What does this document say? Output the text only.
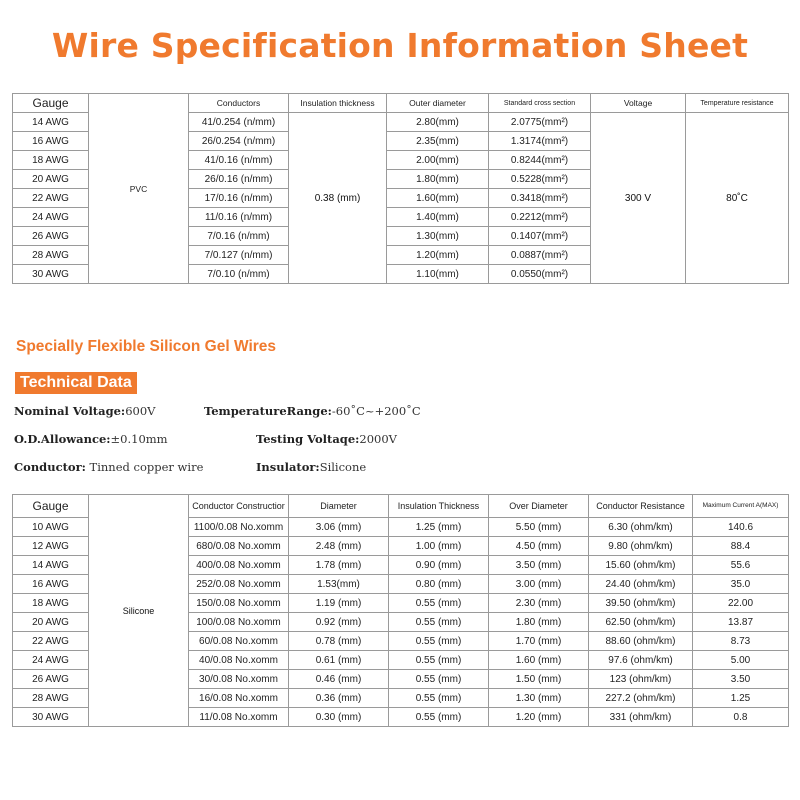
Wire Specification Information Sheet
Gauge	PVC	Conductors	Insulation thickness	Outer diameter	Standard cross section	Voltage	Temperature resistance
14 AWG		41/0.254 (n/mm)	0.38 (mm)	2.80(mm)	2.0775(mm²)	300 V	80˚C
16 AWG		26/0.254 (n/mm)		2.35(mm)	1.3174(mm²)		
18 AWG		41/0.16 (n/mm)		2.00(mm)	0.8244(mm²)		
20 AWG		26/0.16 (n/mm)		1.80(mm)	0.5228(mm²)		
22 AWG		17/0.16 (n/mm)		1.60(mm)	0.3418(mm²)		
24 AWG		11/0.16 (n/mm)		1.40(mm)	0.2212(mm²)		
26 AWG		7/0.16 (n/mm)		1.30(mm)	0.1407(mm²)		
28 AWG		7/0.127 (n/mm)		1.20(mm)	0.0887(mm²)		
30 AWG		7/0.10 (n/mm)		1.10(mm)	0.0550(mm²)		
Specially Flexible Silicon Gel Wires
Technical Data
Nominal Voltage:600V	TemperatureRange:-60˚C~+200˚C
O.D.Allowance:±0.10mm	Testing Voltaqe:2000V
Conductor: Tinned copper wire	Insulator:Silicone
Gauge	Silicone	Conductor Constructior	Diameter	Insulation Thickness	Over Diameter	Conductor Resistance	Maximum Current A(MAX)
10 AWG		1100/0.08 No.xomm	3.06 (mm)	1.25 (mm)	5.50 (mm)	6.30 (ohm/km)	140.6
12 AWG		680/0.08 No.xomm	2.48 (mm)	1.00 (mm)	4.50 (mm)	9.80 (ohm/km)	88.4
14 AWG		400/0.08 No.xomm	1.78 (mm)	0.90 (mm)	3.50 (mm)	15.60 (ohm/km)	55.6
16 AWG		252/0.08 No.xomm	1.53(mm)	0.80 (mm)	3.00 (mm)	24.40 (ohm/km)	35.0
18 AWG		150/0.08 No.xomm	1.19 (mm)	0.55 (mm)	2.30 (mm)	39.50 (ohm/km)	22.00
20 AWG		100/0.08 No.xomm	0.92 (mm)	0.55 (mm)	1.80 (mm)	62.50 (ohm/km)	13.87
22 AWG		60/0.08 No.xomm	0.78 (mm)	0.55 (mm)	1.70 (mm)	88.60 (ohm/km)	8.73
24 AWG		40/0.08 No.xomm	0.61 (mm)	0.55 (mm)	1.60 (mm)	97.6 (ohm/km)	5.00
26 AWG		30/0.08 No.xomm	0.46 (mm)	0.55 (mm)	1.50 (mm)	123 (ohm/km)	3.50
28 AWG		16/0.08 No.xomm	0.36 (mm)	0.55 (mm)	1.30 (mm)	227.2 (ohm/km)	1.25
30 AWG		11/0.08 No.xomm	0.30 (mm)	0.55 (mm)	1.20 (mm)	331 (ohm/km)	0.8
